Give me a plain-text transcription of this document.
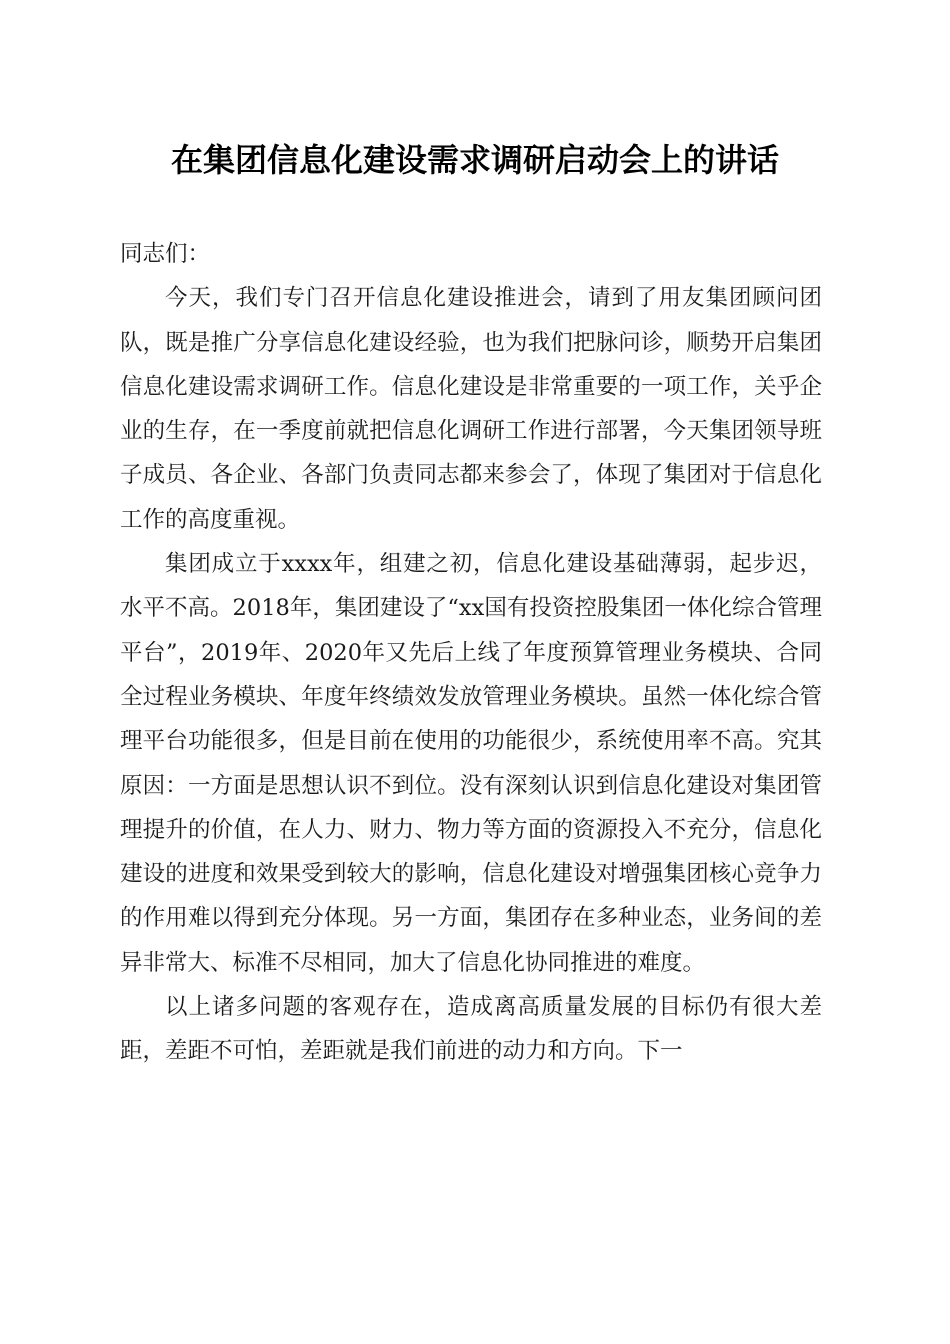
在集团信息化建设需求调研启动会上的讲话

同志们：

今天，我们专门召开信息化建设推进会，请到了用友集团顾问团队，既是推广分享信息化建设经验，也为我们把脉问诊，顺势开启集团信息化建设需求调研工作。信息化建设是非常重要的一项工作，关乎企业的生存，在一季度前就把信息化调研工作进行部署，今天集团领导班子成员、各企业、各部门负责同志都来参会了，体现了集团对于信息化工作的高度重视。

集团成立于xxxx年，组建之初，信息化建设基础薄弱，起步迟，水平不高。2018年，集团建设了“xx国有投资控股集团一体化综合管理平台”，2019年、2020年又先后上线了年度预算管理业务模块、合同全过程业务模块、年度年终绩效发放管理业务模块。虽然一体化综合管理平台功能很多，但是目前在使用的功能很少，系统使用率不高。究其原因：一方面是思想认识不到位。没有深刻认识到信息化建设对集团管理提升的价值，在人力、财力、物力等方面的资源投入不充分，信息化建设的进度和效果受到较大的影响，信息化建设对增强集团核心竞争力的作用难以得到充分体现。另一方面，集团存在多种业态，业务间的差异非常大、标准不尽相同，加大了信息化协同推进的难度。

以上诸多问题的客观存在，造成离高质量发展的目标仍有很大差距，差距不可怕，差距就是我们前进的动力和方向。下一
